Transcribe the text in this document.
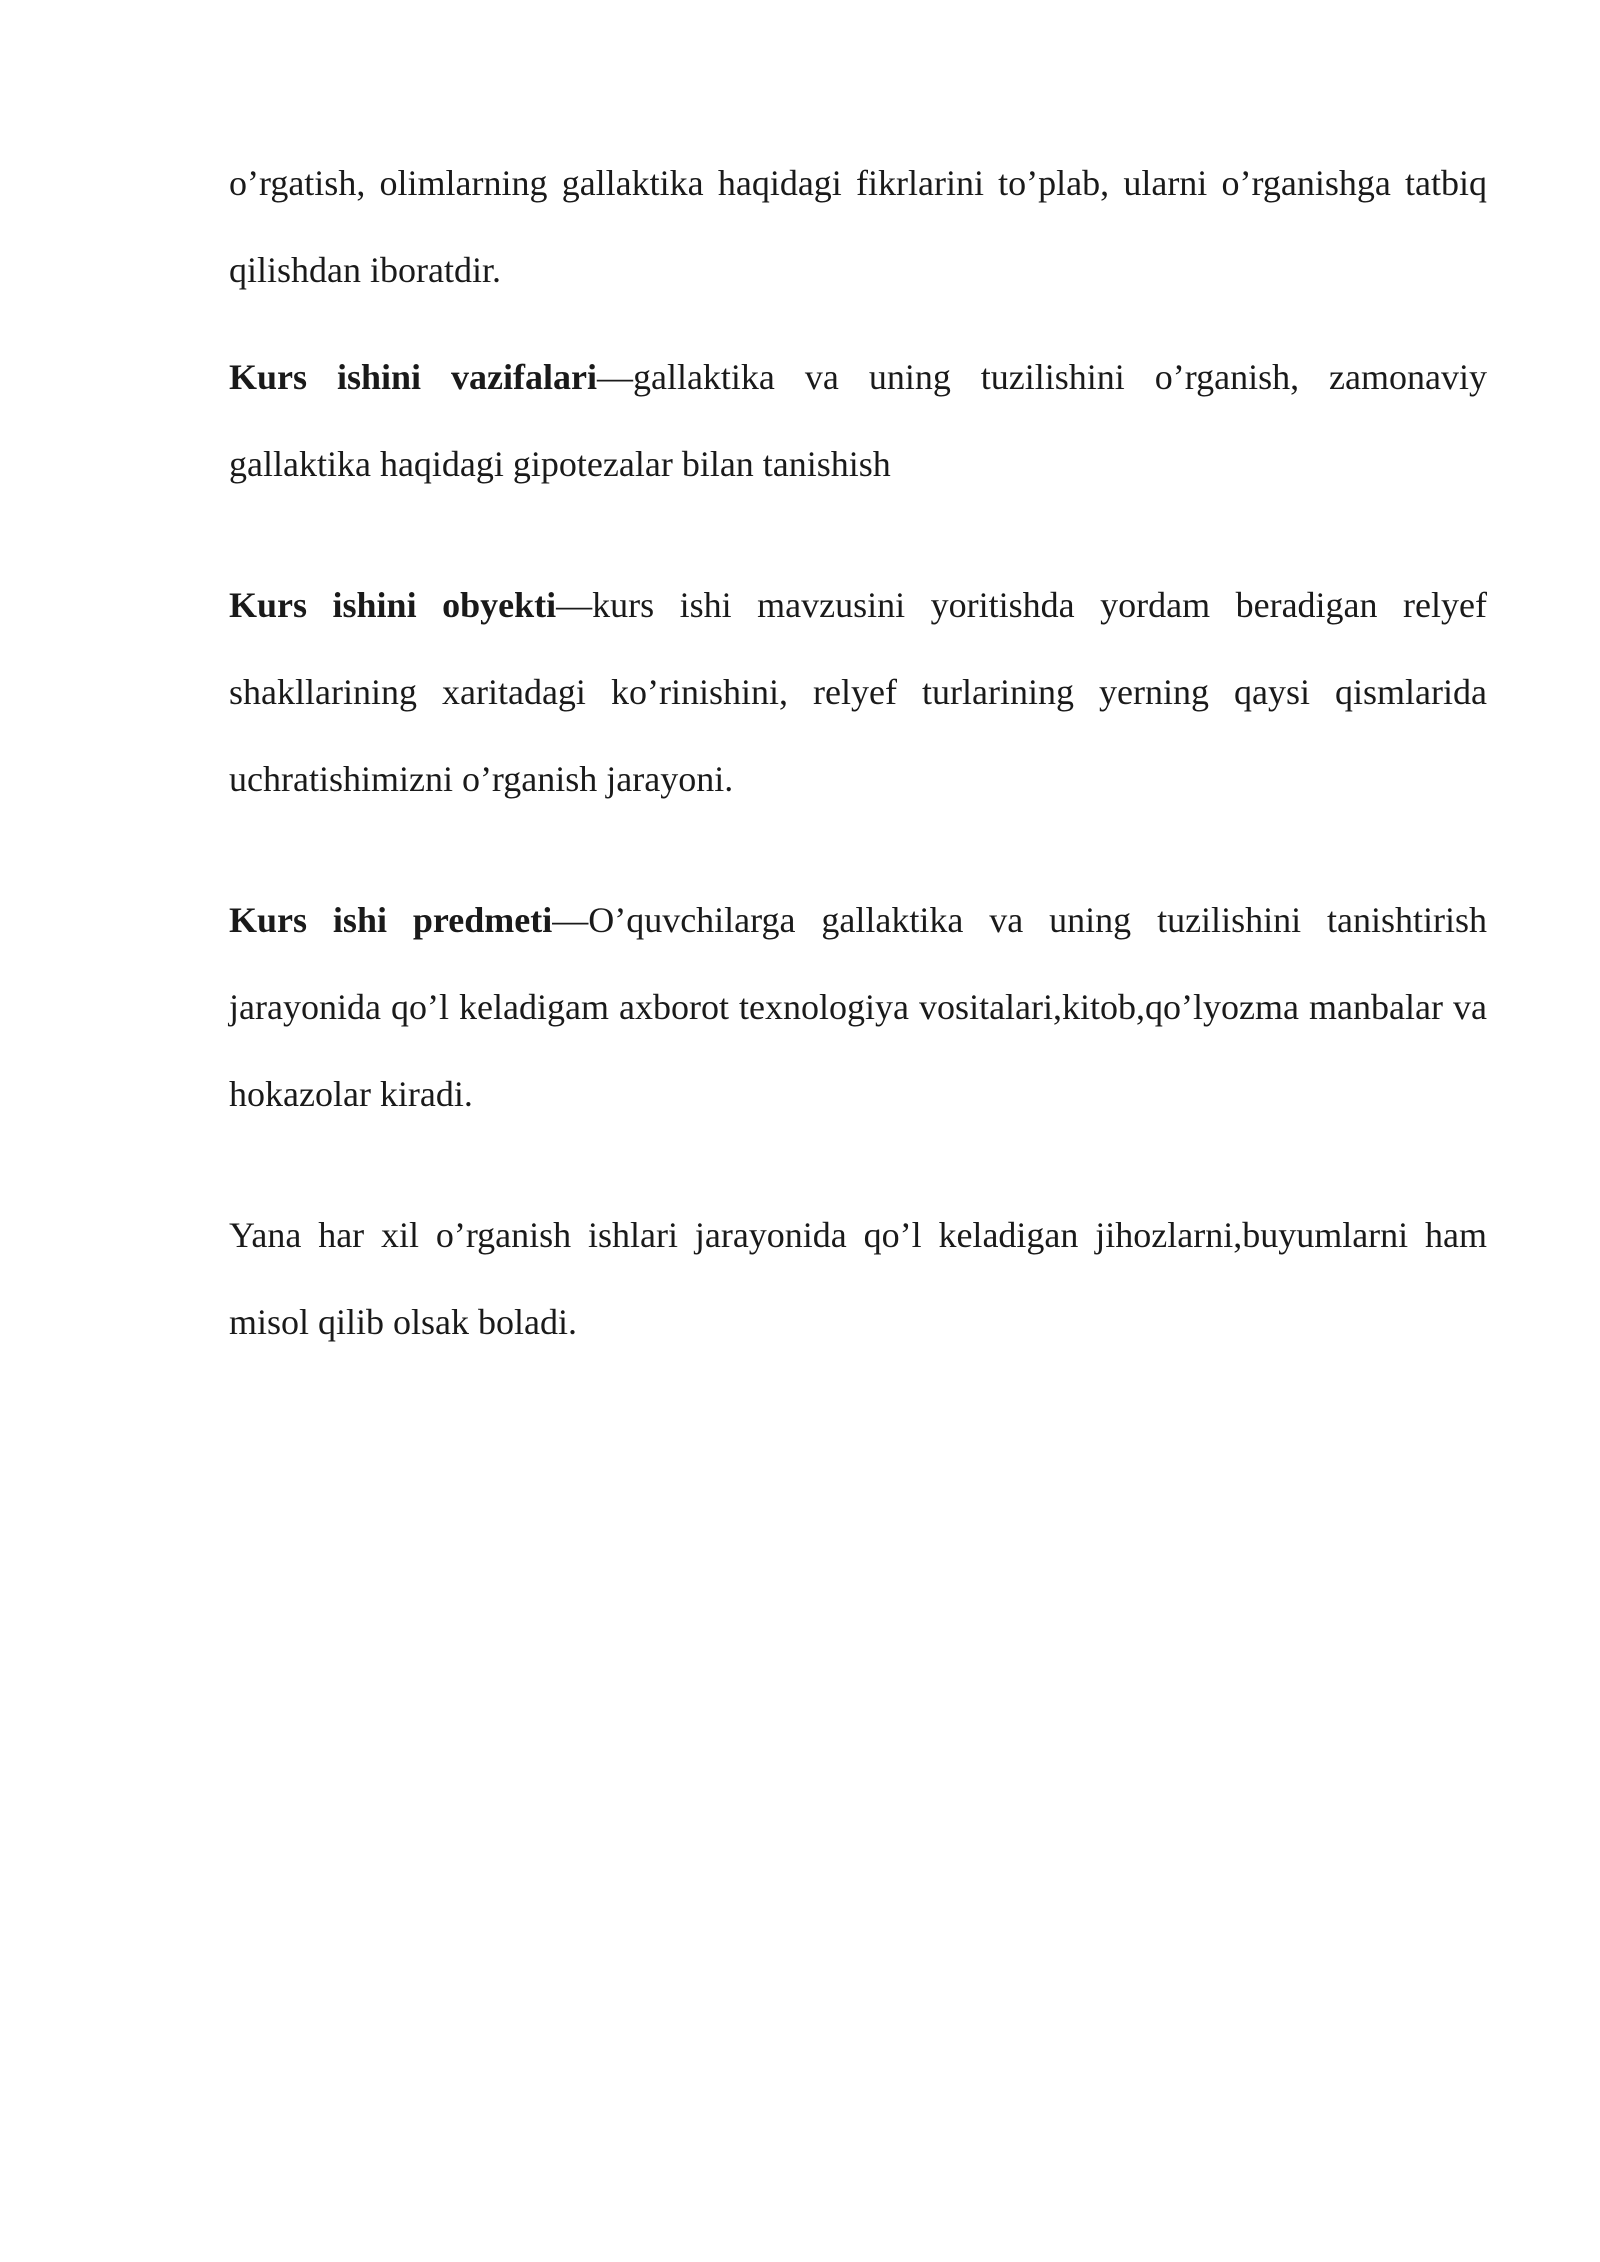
o’rgatish, olimlarning gallaktika haqidagi fikrlarini to’plab, ularni o’rganishga tatbiq qilishdan iboratdir.

Kurs ishini vazifalari—gallaktika va uning tuzilishini o’rganish, zamonaviy gallaktika haqidagi gipotezalar bilan tanishish

Kurs ishini obyekti—kurs ishi mavzusini yoritishda yordam beradigan relyef shakllarining xaritadagi ko’rinishini, relyef turlarining yerning qaysi qismlarida uchratishimizni o’rganish jarayoni.

Kurs ishi predmeti—O’quvchilarga gallaktika va uning tuzilishini tanishtirish jarayonida qo’l keladigam axborot texnologiya vositalari,kitob,qo’lyozma manbalar va hokazolar kiradi.

Yana har xil o’rganish ishlari jarayonida qo’l keladigan jihozlarni,buyumlarni ham misol qilib olsak boladi.
